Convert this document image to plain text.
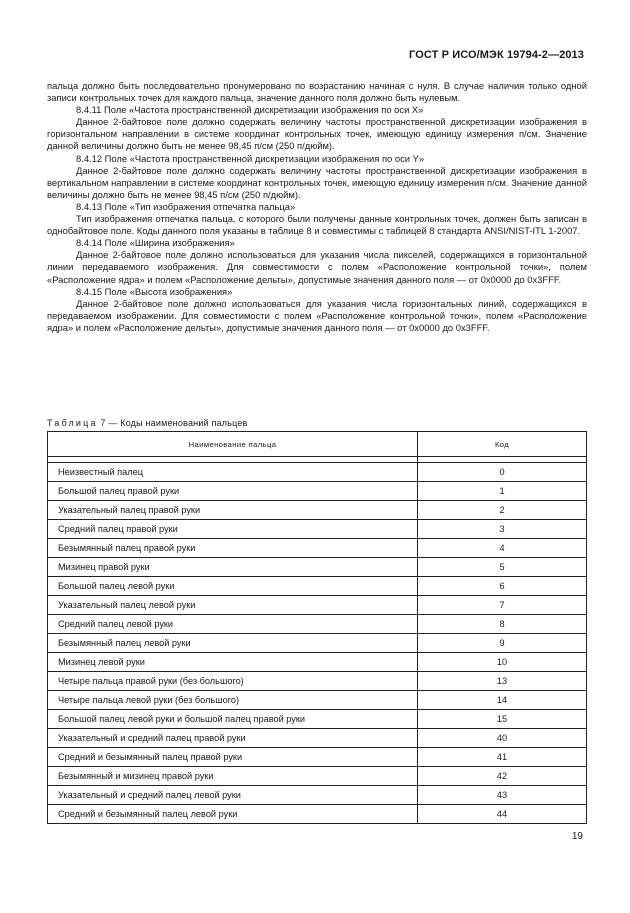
ГОСТ Р ИСО/МЭК 19794-2—2013

пальца должно быть последовательно пронумеровано по возрастанию начиная с нуля. В случае наличия только одной записи контрольных точек для каждого пальца, значение данного поля должно быть нулевым.

8.4.11 Поле «Частота пространственной дискретизации изображения по оси X»

Данное 2-байтовое поле должно содержать величину частоты пространственной дискретизации изображения в горизонтальном направлении в системе координат контрольных точек, имеющую единицу измерения п/см. Значение данной величины должно быть не менее 98,45 п/см (250 п/дюйм).

8.4.12 Поле «Частота пространственной дискретизации изображения по оси Y»

Данное 2-байтовое поле должно содержать величину частоты пространственной дискретизации изображения в вертикальном направлении в системе координат контрольных точек, имеющую единицу измерения п/см. Значение данной величины должно быть не менее 98,45 п/см (250 п/дюйм).

8.4.13 Поле «Тип изображения отпечатка пальца»

Тип изображения отпечатка пальца, с которого были получены данные контрольных точек, должен быть записан в однобайтовое поле. Коды данного поля указаны в таблице 8 и совместимы с таблицей 8 стандарта ANSI/NIST-ITL 1-2007.

8.4.14 Поле «Ширина изображения»

Данное 2-байтовое поле должно использоваться для указания числа пикселей, содержащихся в горизонтальной линии передаваемого изображения. Для совместимости с полем «Расположение контрольной точки», полем «Расположение ядра» и полем «Расположение дельты», допустимые значения данного поля — от 0x0000 до 0x3FFF.

8.4.15 Поле «Высота изображения»

Данное 2-байтовое поле должно использоваться для указания числа горизонтальных линий, содержащихся в передаваемом изображении. Для совместимости с полем «Расположение контрольной точки», полем «Расположение ядра» и полем «Расположение дельты», допустимые значения данного поля — от 0x0000 до 0x3FFF.

Таблица 7 — Коды наименований пальцев
Наименование пальца	Код

Неизвестный палец	0
Большой палец правой руки	1
Указательный палец правой руки	2
Средний палец правой руки	3
Безымянный палец правой руки	4
Мизинец правой руки	5
Большой палец левой руки	6
Указательный палец левой руки	7
Средний палец левой руки	8
Безымянный палец левой руки	9
Мизинец левой руки	10
Четыре пальца правой руки (без большого)	13
Четыре пальца левой руки (без большого)	14
Большой палец левой руки и большой палец правой руки	15
Указательный и средний палец правой руки	40
Средний и безымянный палец правой руки	41
Безымянный и мизинец правой руки	42
Указательный и средний палец левой руки	43
Средний и безымянный палец левой руки	44
19
